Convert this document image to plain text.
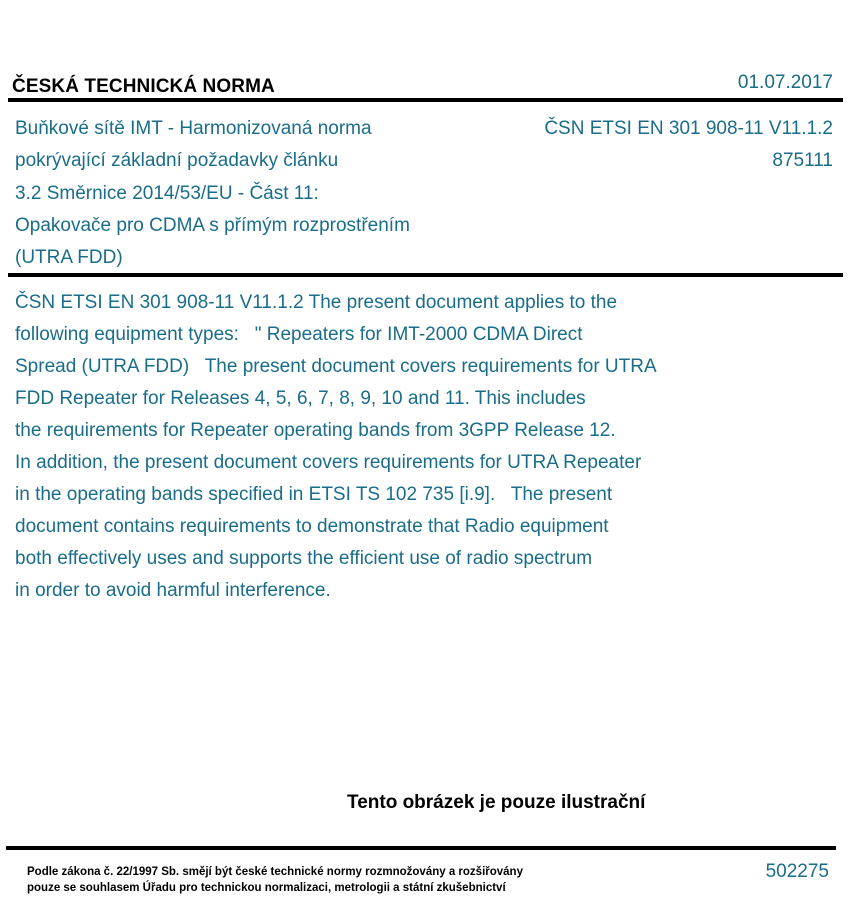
ČESKÁ TECHNICKÁ NORMA	01.07.2017
Buňkové sítě IMT - Harmonizovaná norma
pokrývající základní požadavky článku
3.2 Směrnice 2014/53/EU - Část 11:
Opakovače pro CDMA s přímým rozprostřením
(UTRA FDD)
ČSN ETSI EN 301 908-11 V11.1.2
875111
ČSN ETSI EN 301 908-11 V11.1.2 The present document applies to the
following equipment types:   " Repeaters for IMT-2000 CDMA Direct
Spread (UTRA FDD)   The present document covers requirements for UTRA
FDD Repeater for Releases 4, 5, 6, 7, 8, 9, 10 and 11. This includes
the requirements for Repeater operating bands from 3GPP Release 12.
In addition, the present document covers requirements for UTRA Repeater
in the operating bands specified in ETSI TS 102 735 [i.9].   The present
document contains requirements to demonstrate that Radio equipment
both effectively uses and supports the efficient use of radio spectrum
in order to avoid harmful interference.
Tento obrázek je pouze ilustrační
Podle zákona č. 22/1997 Sb. smějí být české technické normy rozmnožovány a rozšiřovány
pouze se souhlasem Úřadu pro technickou normalizaci, metrologii a státní zkušebnictví
502275
